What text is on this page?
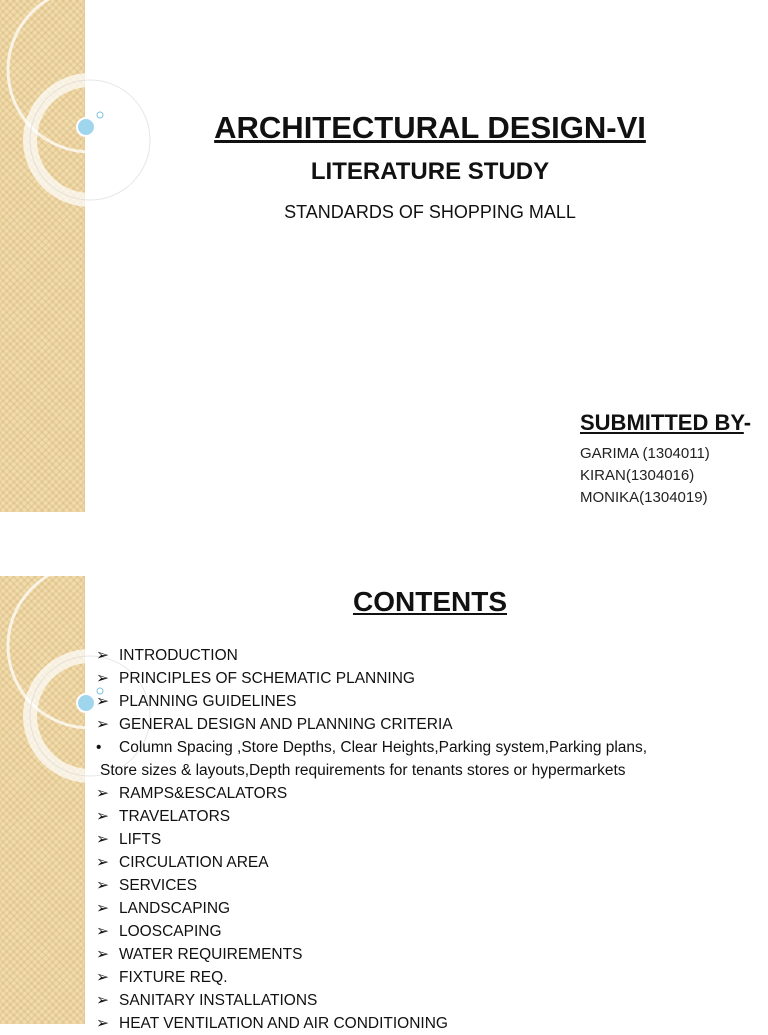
ARCHITECTURAL DESIGN-VI
LITERATURE STUDY
STANDARDS OF SHOPPING MALL
SUBMITTED BY-
GARIMA (1304011)
KIRAN(1304016)
MONIKA(1304019)
CONTENTS
➢ INTRODUCTION
➢ PRINCIPLES OF SCHEMATIC PLANNING
➢ PLANNING GUIDELINES
➢ GENERAL DESIGN AND PLANNING CRITERIA
• Column Spacing ,Store Depths, Clear Heights,Parking system,Parking plans,
Store sizes & layouts,Depth requirements for tenants stores or hypermarkets
➢ RAMPS&ESCALATORS
➢ TRAVELATORS
➢ LIFTS
➢ CIRCULATION AREA
➢ SERVICES
➢ LANDSCAPING
➢ LOOSCAPING
➢ WATER REQUIREMENTS
➢ FIXTURE REQ.
➢ SANITARY INSTALLATIONS
➢ HEAT VENTILATION AND AIR CONDITIONING
